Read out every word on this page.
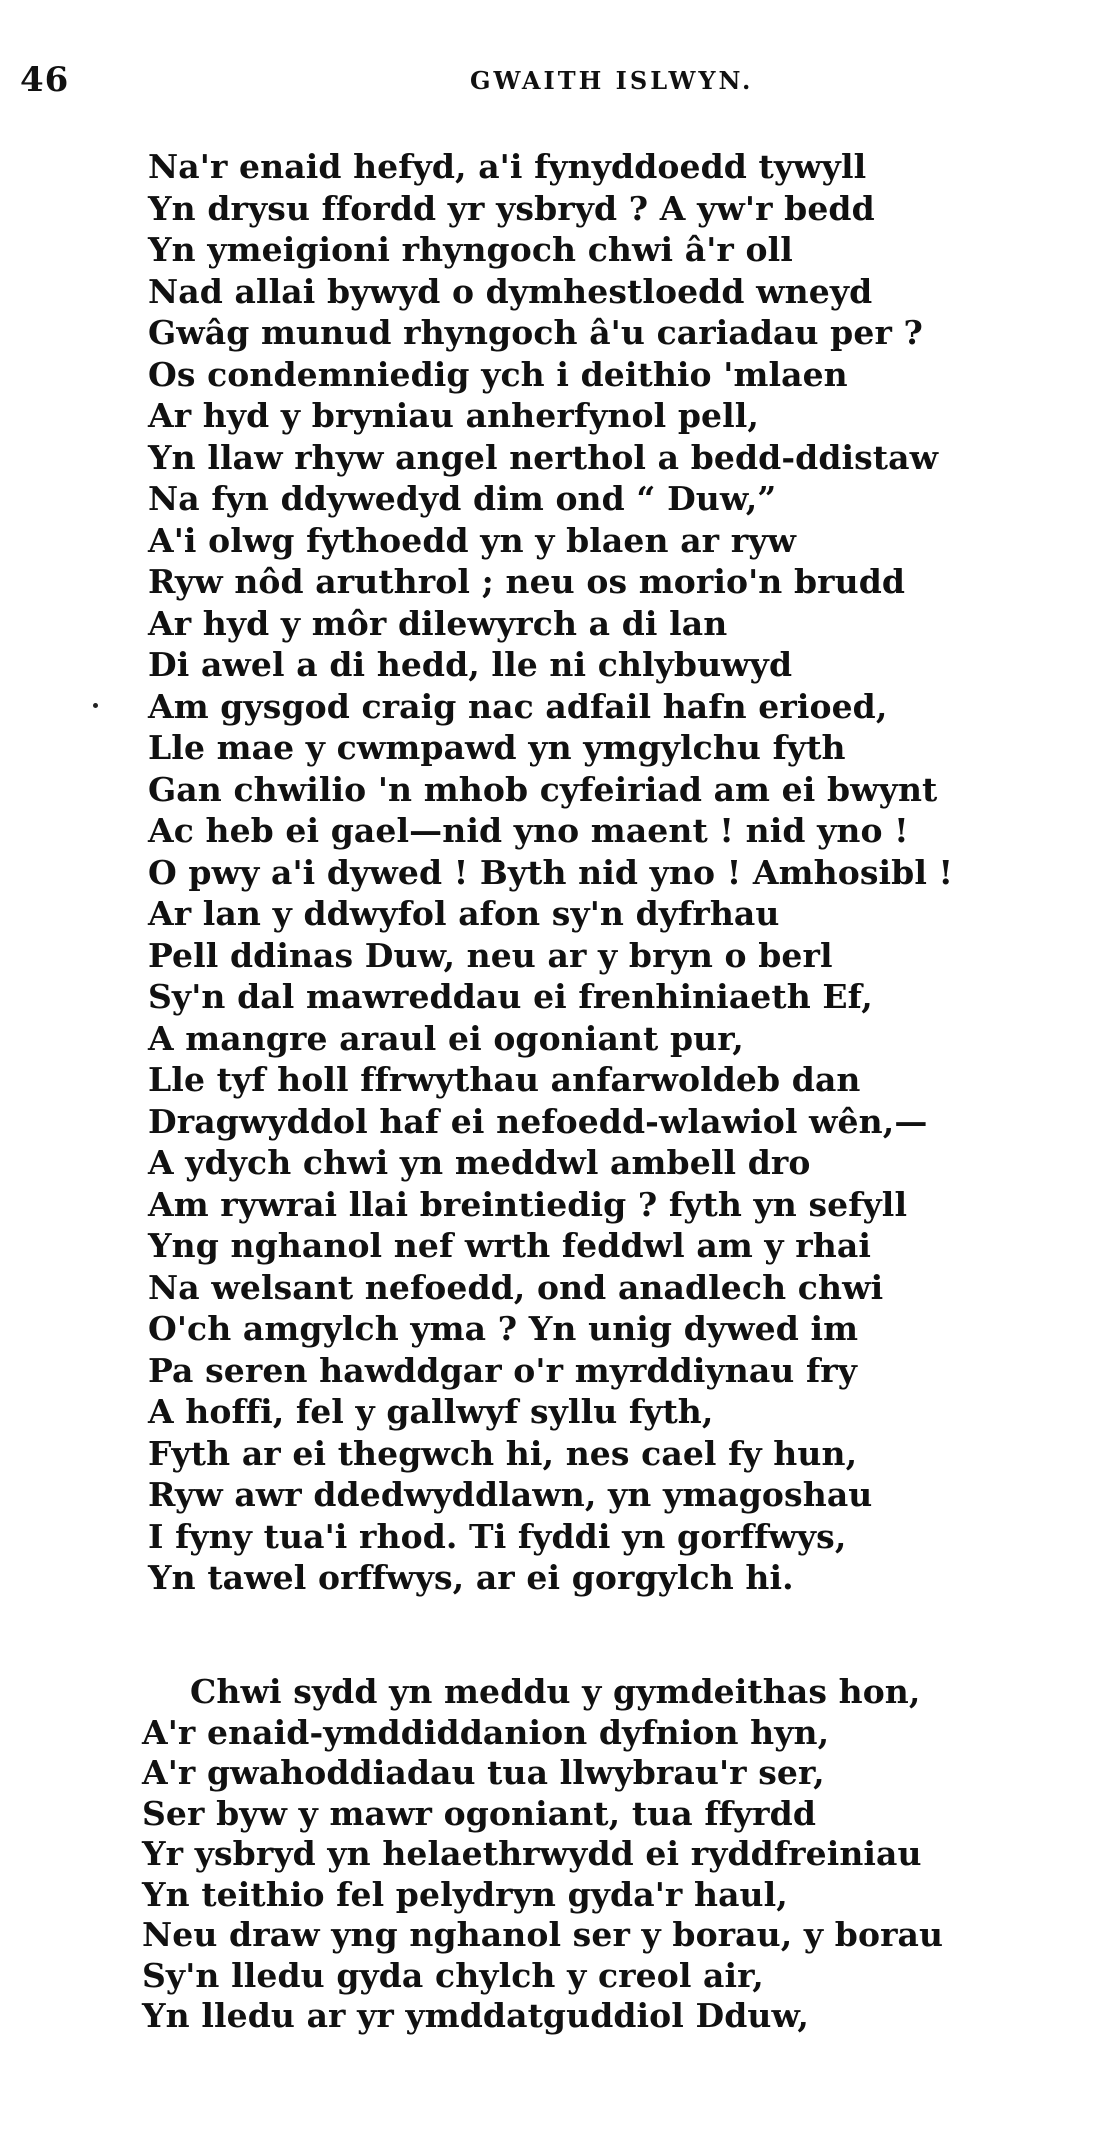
46	GWAITH ISLWYN.
Na'r enaid hefyd, a'i fynyddoedd tywyll
Yn drysu ffordd yr ysbryd ? A yw'r bedd
Yn ymeigioni rhyngoch chwi â'r oll
Nad allai bywyd o dymhestloedd wneyd
Gwâg munud rhyngoch â'u cariadau per ?
Os condemniedig ych i deithio 'mlaen
Ar hyd y bryniau anherfynol pell,
Yn llaw rhyw angel nerthol a bedd-ddistaw
Na fyn ddywedyd dim ond “ Duw,”
A'i olwg fythoedd yn y blaen ar ryw
Ryw nôd aruthrol ; neu os morio'n brudd
Ar hyd y môr dilewyrch a di lan
Di awel a di hedd, lle ni chlybuwyd
Am gysgod craig nac adfail hafn erioed,
Lle mae y cwmpawd yn ymgylchu fyth
Gan chwilio 'n mhob cyfeiriad am ei bwynt
Ac heb ei gael—nid yno maent ! nid yno !
O pwy a'i dywed ! Byth nid yno ! Amhosibl !
Ar lan y ddwyfol afon sy'n dyfrhau
Pell ddinas Duw, neu ar y bryn o berl
Sy'n dal mawreddau ei frenhiniaeth Ef,
A mangre araul ei ogoniant pur,
Lle tyf holl ffrwythau anfarwoldeb dan
Dragwyddol haf ei nefoedd-wlawiol wên,—
A ydych chwi yn meddwl ambell dro
Am rywrai llai breintiedig ? fyth yn sefyll
Yng nghanol nef wrth feddwl am y rhai
Na welsant nefoedd, ond anadlech chwi
O'ch amgylch yma ? Yn unig dywed im
Pa seren hawddgar o'r myrddiynau fry
A hoffi, fel y gallwyf syllu fyth,
Fyth ar ei thegwch hi, nes cael fy hun,
Ryw awr ddedwyddlawn, yn ymagoshau
I fyny tua'i rhod. Ti fyddi yn gorffwys,
Yn tawel orffwys, ar ei gorgylch hi.
Chwi sydd yn meddu y gymdeithas hon,
A'r enaid-ymddiddanion dyfnion hyn,
A'r gwahoddiadau tua llwybrau'r ser,
Ser byw y mawr ogoniant, tua ffyrdd
Yr ysbryd yn helaethrwydd ei ryddfreiniau
Yn teithio fel pelydryn gyda'r haul,
Neu draw yng nghanol ser y borau, y borau
Sy'n lledu gyda chylch y creol air,
Yn lledu ar yr ymddatguddiol Dduw,
